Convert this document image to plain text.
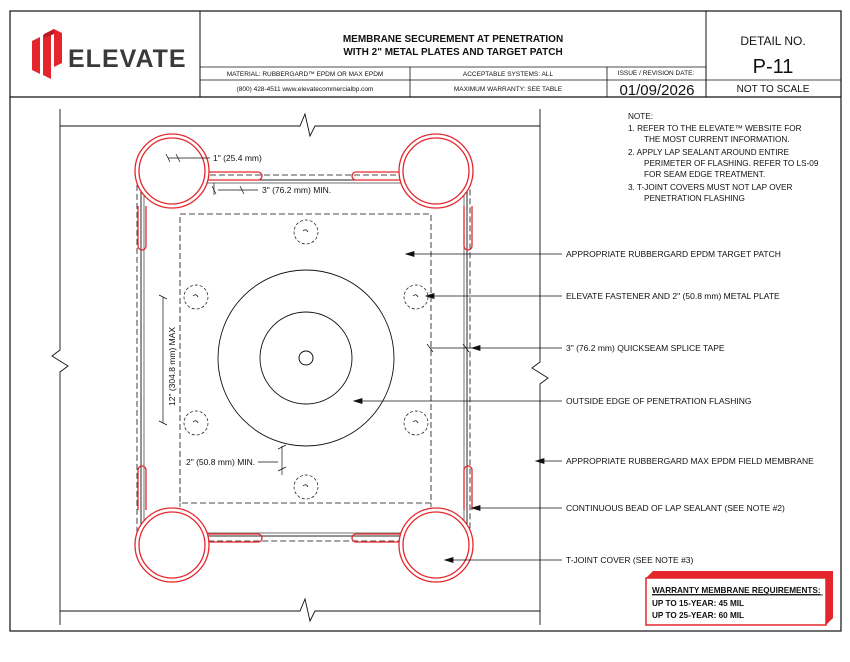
ELEVATE
MEMBRANE SECUREMENT AT PENETRATION
WITH 2" METAL PLATES AND TARGET PATCH
MATERIAL: RUBBERGARD™ EPDM OR MAX EPDM	ACCEPTABLE SYSTEMS: ALL	ISSUE / REVISION DATE:
(800) 428-4511 www.elevatecommercialbp.com	MAXIMUM WARRANTY: SEE TABLE	01/09/2026
DETAIL NO.
P-11
NOT TO SCALE
NOTE:
1. REFER TO THE ELEVATE™ WEBSITE FOR
THE MOST CURRENT INFORMATION.
2. APPLY LAP SEALANT AROUND ENTIRE
PERIMETER OF FLASHING. REFER TO LS-09
FOR SEAM EDGE TREATMENT.
3. T-JOINT COVERS MUST NOT LAP OVER
PENETRATION FLASHING
1" (25.4 mm)
3" (76.2 mm) MIN.
12" (304.8 mm) MAX
2" (50.8 mm) MIN.
APPROPRIATE RUBBERGARD EPDM TARGET PATCH
ELEVATE FASTENER AND 2" (50.8 mm) METAL PLATE
3" (76.2 mm) QUICKSEAM SPLICE TAPE
OUTSIDE EDGE OF PENETRATION FLASHING
APPROPRIATE RUBBERGARD MAX EPDM FIELD MEMBRANE
CONTINUOUS BEAD OF LAP SEALANT (SEE NOTE #2)
T-JOINT COVER (SEE NOTE #3)
WARRANTY MEMBRANE REQUIREMENTS:
UP TO 15-YEAR: 45 MIL
UP TO 25-YEAR: 60 MIL
